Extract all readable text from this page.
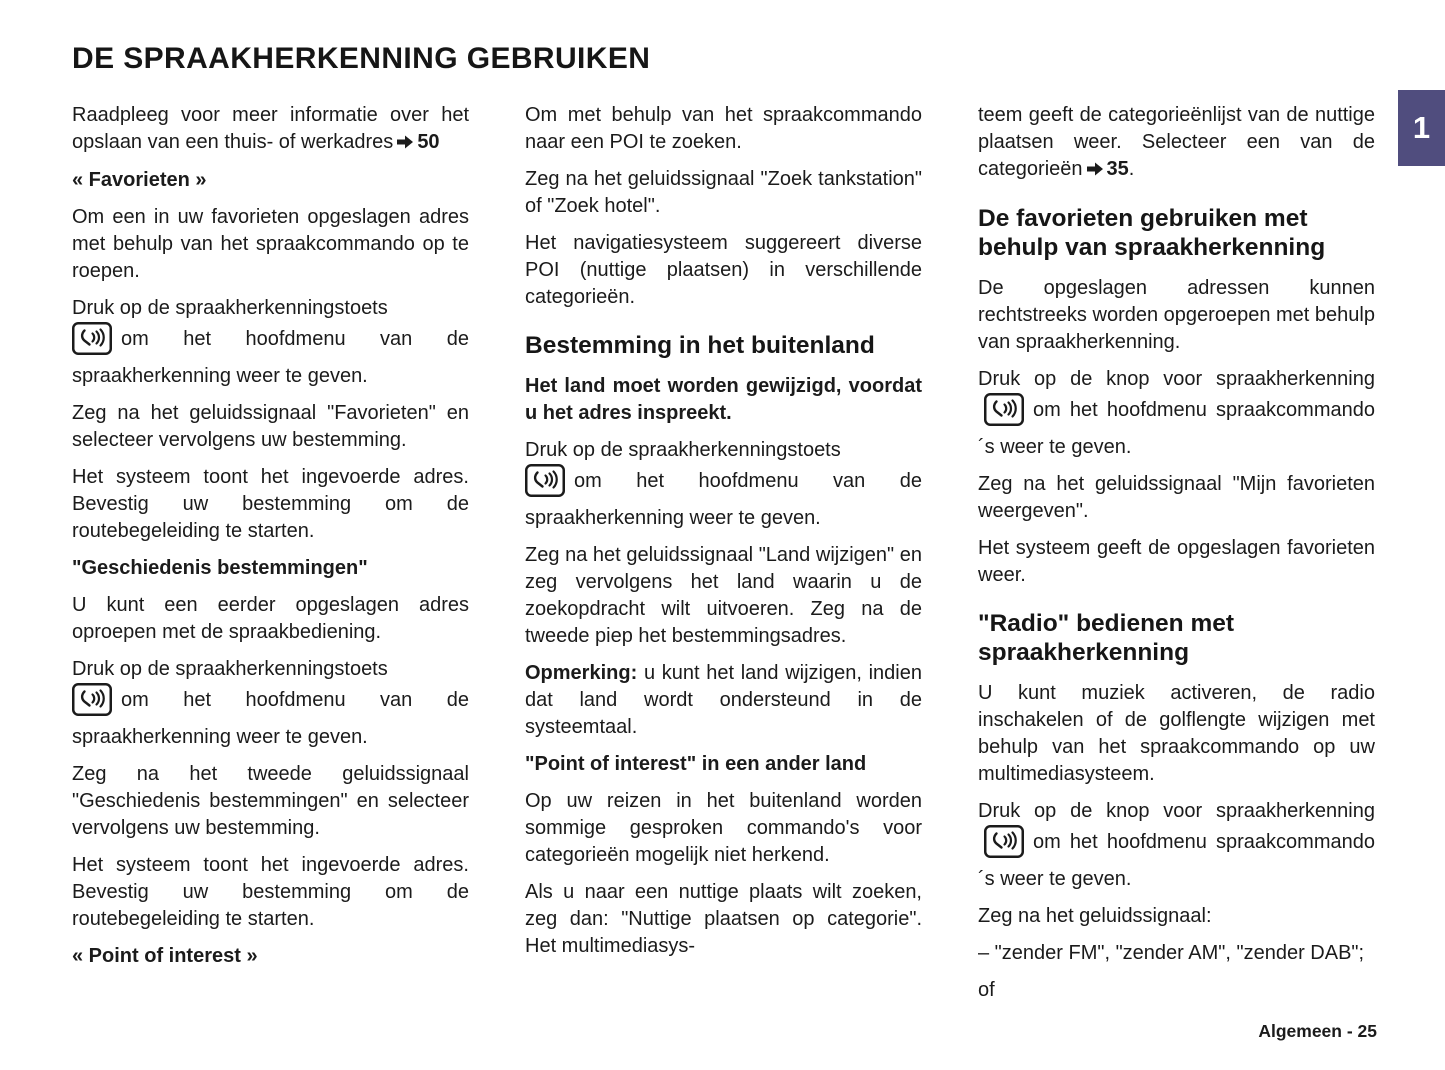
DE SPRAAKHERKENNING GEBRUIKEN

Raadpleeg voor meer informatie over het opslaan van een thuis- of werkadres 50

« Favorieten »

Om een in uw favorieten opgeslagen adres met behulp van het spraakcommando op te roepen.

Druk op de spraakherkenningstoets
om het hoofdmenu van de spraakherkenning weer te geven.

Zeg na het geluidssignaal "Favorieten" en selecteer vervolgens uw bestemming.

Het systeem toont het ingevoerde adres. Bevestig uw bestemming om de routebegeleiding te starten.

"Geschiedenis bestemmingen"

U kunt een eerder opgeslagen adres oproepen met de spraakbediening.

Druk op de spraakherkenningstoets
om het hoofdmenu van de spraakherkenning weer te geven.

Zeg na het tweede geluidssignaal "Geschiedenis bestemmingen" en selecteer vervolgens uw bestemming.

Het systeem toont het ingevoerde adres. Bevestig uw bestemming om de routebegeleiding te starten.

« Point of interest »

Om met behulp van het spraakcommando naar een POI te zoeken.

Zeg na het geluidssignaal "Zoek tankstation" of "Zoek hotel".

Het navigatiesysteem suggereert diverse POI (nuttige plaatsen) in verschillende categorieën.

Bestemming in het buitenland

Het land moet worden gewijzigd, voordat u het adres inspreekt.

Druk op de spraakherkenningstoets
om het hoofdmenu van de spraakherkenning weer te geven.

Zeg na het geluidssignaal "Land wijzigen" en zeg vervolgens het land waarin u de zoekopdracht wilt uitvoeren. Zeg na de tweede piep het bestemmingsadres.

Opmerking: u kunt het land wijzigen, indien dat land wordt ondersteund in de systeemtaal.

"Point of interest" in een ander land

Op uw reizen in het buitenland worden sommige gesproken commando's voor categorieën mogelijk niet herkend.

Als u naar een nuttige plaats wilt zoeken, zeg dan: "Nuttige plaatsen op categorie". Het multimediasys-

teem geeft de categorieënlijst van de nuttige plaatsen weer. Selecteer een van de categorieën 35.

De favorieten gebruiken met behulp van spraakherkenning

De opgeslagen adressen kunnen rechtstreeks worden opgeroepen met behulp van spraakherkenning.

Druk op de knop voor spraakherkenning om het hoofdmenu spraakcommando´s weer te geven.

Zeg na het geluidssignaal "Mijn favorieten weergeven".

Het systeem geeft de opgeslagen favorieten weer.

"Radio" bedienen met spraakherkenning

U kunt muziek activeren, de radio inschakelen of de golflengte wijzigen met behulp van het spraakcommando op uw multimediasysteem.

Druk op de knop voor spraakherkenning om het hoofdmenu spraakcommando´s weer te geven.

Zeg na het geluidssignaal:

– "zender FM", "zender AM", "zender DAB";

of

1
Algemeen - 25
